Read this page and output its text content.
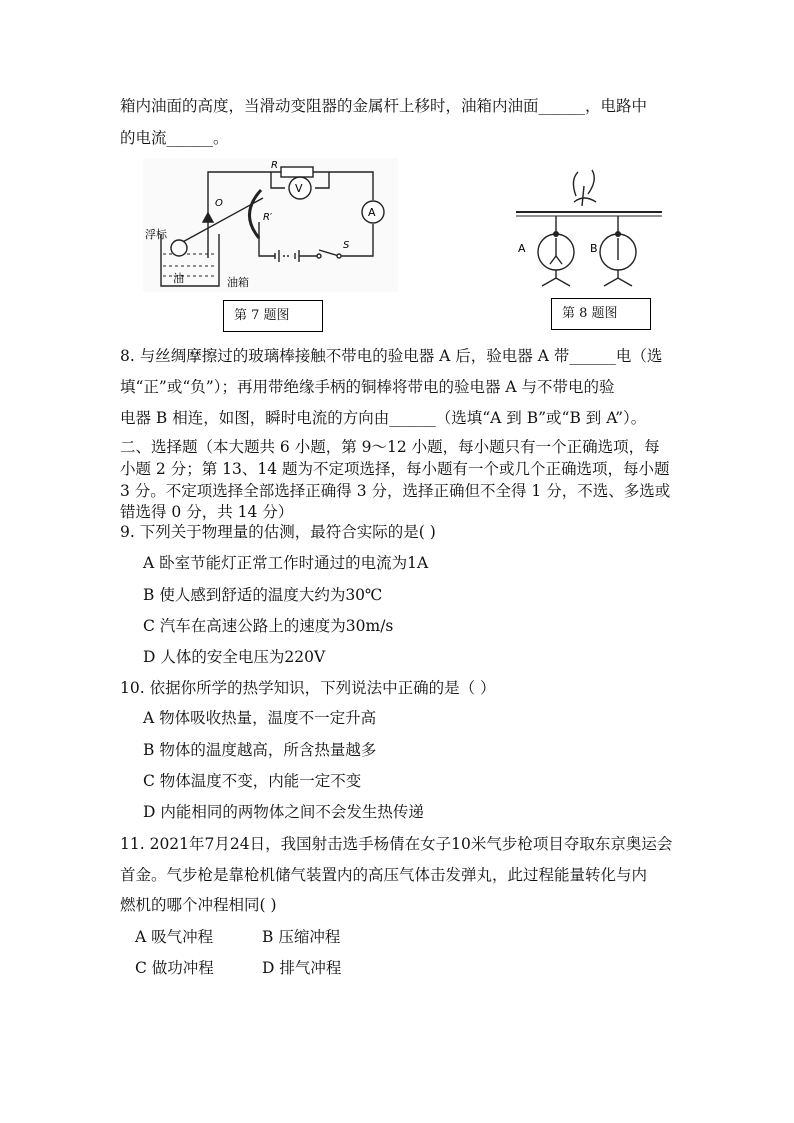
箱内油面的高度，当滑动变阻器的金属杆上移时，油箱内油面______，电路中
的电流______。
R
V
A
O
R′
S
浮标
油	油箱
A	B
第 7 题图	第 8 题图
8. 与丝绸摩擦过的玻璃棒接触不带电的验电器 A 后，验电器 A 带______电（选
填“正”或“负”）；再用带绝缘手柄的铜棒将带电的验电器 A 与不带电的验
电器 B 相连，如图，瞬时电流的方向由______（选填“A 到 B”或“B 到 A”）。
二、选择题（本大题共 6 小题，第 9～12 小题，每小题只有一个正确选项，每
小题 2 分；第 13、14 题为不定项选择，每小题有一个或几个正确选项，每小题
3 分。不定项选择全部选择正确得 3 分，选择正确但不全得 1 分，不选、多选或
错选得 0 分，共 14 分）
9. 下列关于物理量的估测，最符合实际的是( )
A 卧室节能灯正常工作时通过的电流为1A
B 使人感到舒适的温度大约为30℃
C 汽车在高速公路上的速度为30m/s
D 人体的安全电压为220V
10. 依据你所学的热学知识，下列说法中正确的是（ ）
A 物体吸收热量，温度不一定升高
B 物体的温度越高，所含热量越多
C 物体温度不变，内能一定不变
D 内能相同的两物体之间不会发生热传递
11. 2021年7月24日，我国射击选手杨倩在女子10米气步枪项目夺取东京奥运会
首金。气步枪是靠枪机储气装置内的高压气体击发弹丸，此过程能量转化与内
燃机的哪个冲程相同( )
A 吸气冲程	B 压缩冲程
C 做功冲程	D 排气冲程
